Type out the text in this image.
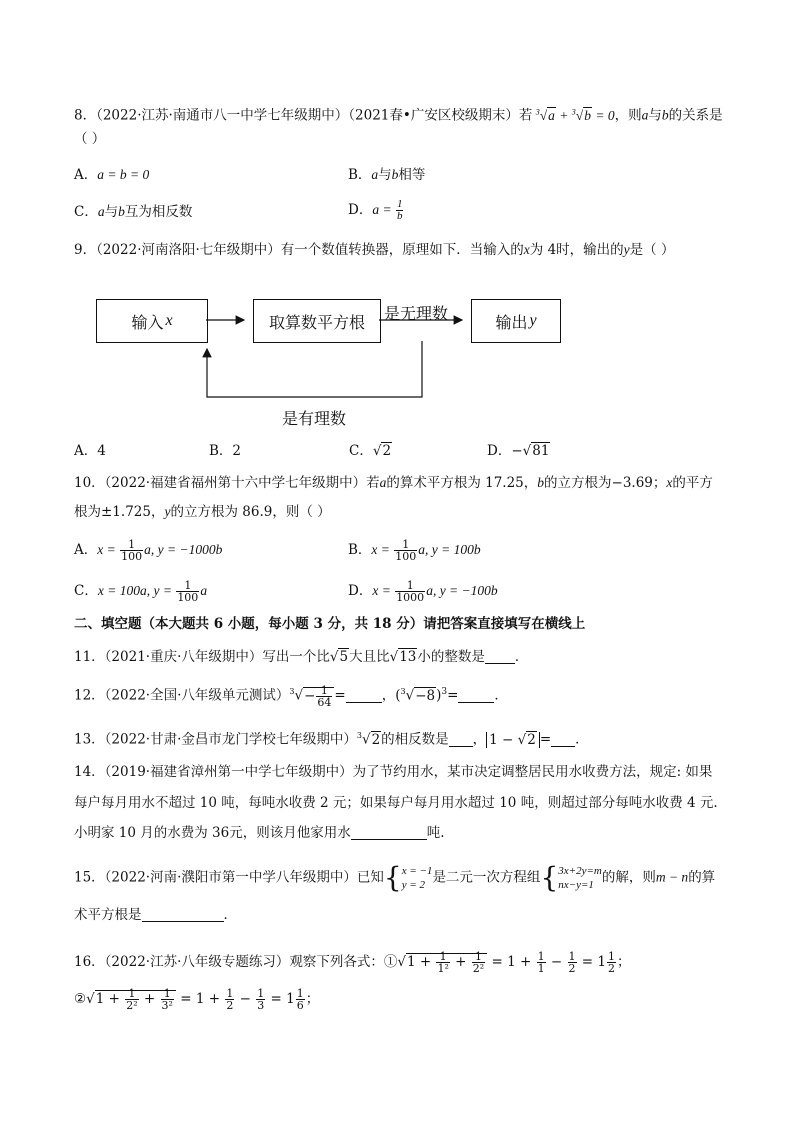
8．（2022·江苏·南通市八一中学七年级期中）（2021春•广安区校级期末）若 $^3$√a + $^3$√b = 0，则a与b的关系是
（ ）
A．a = b = 0	B．a与b相等
C．a与b互为相反数	D．$a = \frac{1}{b}$
9．（2022·河南洛阳·七年级期中）有一个数值转换器，原理如下．当输入的x为 4时，输出的y是（ ）
输入 x	取算数平方根	输出 y
是无理数
是有理数
A．4	B．2	C．√2	D．−√81
10．（2022·福建省福州第十六中学七年级期中）若a的算术平方根为 17.25，b的立方根为−3.69；x的平方
根为±1.725，y的立方根为 86.9，则（ ）
A．$x = \frac{1}{100} a$, y = −1000b	B．$x = \frac{1}{100} a$, y = 100b
C．x = 100a, $y = \frac{1}{100}$ a	D．$x = \frac{1}{1000} a$, y = −100b
二、填空题（本大题共 6 小题，每小题 3 分，共 18 分）请把答案直接填写在横线上
11．（2021·重庆·八年级期中）写出一个比√5大且比√13小的整数是 ．
12．（2022·全国·八年级单元测试）$^3√- \frac{1}{64}$ =	，$(^3√-8)^3=$	．
13．（2022·甘肃·金昌市龙门学校七年级期中）$^3$√2的相反数是 ， 1 − √2 = ．
14．（2019·福建省漳州第一中学七年级期中）为了节约用水，某市决定调整居民用水收费方法，规定: 如果
每户每月用水不超过 10 吨，每吨水收费 2 元；如果每户每月用水超过 10 吨，则超过部分每吨水收费 4 元.
小明家 10 月的水费为 36元，则该月他家用水	吨.
15．（2022·河南·濮阳市第一中学八年级期中）已知{ x = −1
y = 2 是二元一次方程组{ 3x+2y=m
nx−y=1 的解，则m − n的算
术平方根是	．
16．（2022·江苏·八年级专题练习）观察下列各式：①√1 + $\frac{1}{\text{1²}} + \frac{1}{\text{2²}} = 1 + \frac{1}{1} - \frac{1}{2} = 1 \frac{1}{2}$ ；
②√1 + $\frac{1}{\text{2²}} + \frac{1}{\text{3²}} = 1 + \frac{1}{2} - \frac{1}{3} = 1 \frac{1}{6}$ ；
